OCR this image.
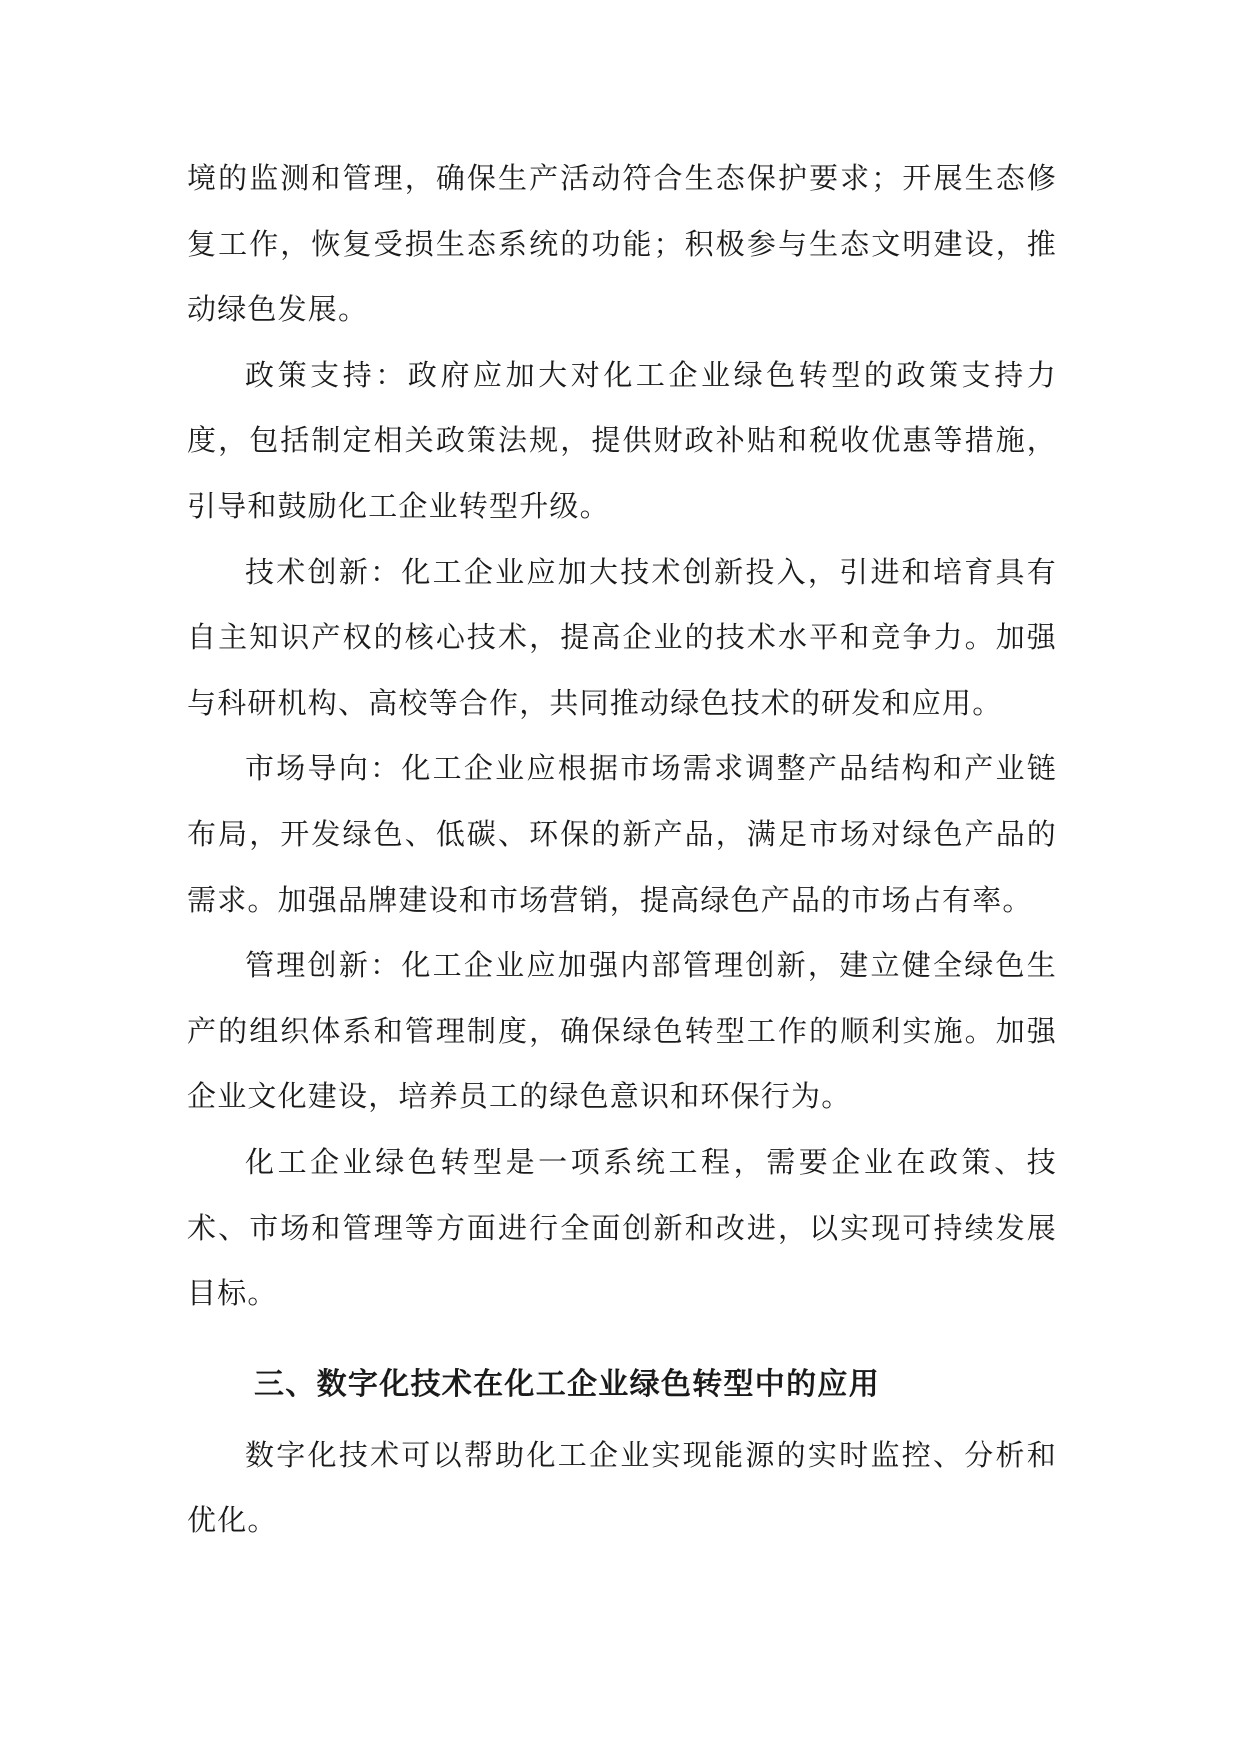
境的监测和管理，确保生产活动符合生态保护要求；开展生态修复工作，恢复受损生态系统的功能；积极参与生态文明建设，推动绿色发展。

政策支持：政府应加大对化工企业绿色转型的政策支持力度，包括制定相关政策法规，提供财政补贴和税收优惠等措施，引导和鼓励化工企业转型升级。

技术创新：化工企业应加大技术创新投入，引进和培育具有自主知识产权的核心技术，提高企业的技术水平和竞争力。加强与科研机构、高校等合作，共同推动绿色技术的研发和应用。

市场导向：化工企业应根据市场需求调整产品结构和产业链布局，开发绿色、低碳、环保的新产品，满足市场对绿色产品的需求。加强品牌建设和市场营销，提高绿色产品的市场占有率。

管理创新：化工企业应加强内部管理创新，建立健全绿色生产的组织体系和管理制度，确保绿色转型工作的顺利实施。加强企业文化建设，培养员工的绿色意识和环保行为。

化工企业绿色转型是一项系统工程，需要企业在政策、技术、市场和管理等方面进行全面创新和改进，以实现可持续发展目标。

三、数字化技术在化工企业绿色转型中的应用

数字化技术可以帮助化工企业实现能源的实时监控、分析和优化。
